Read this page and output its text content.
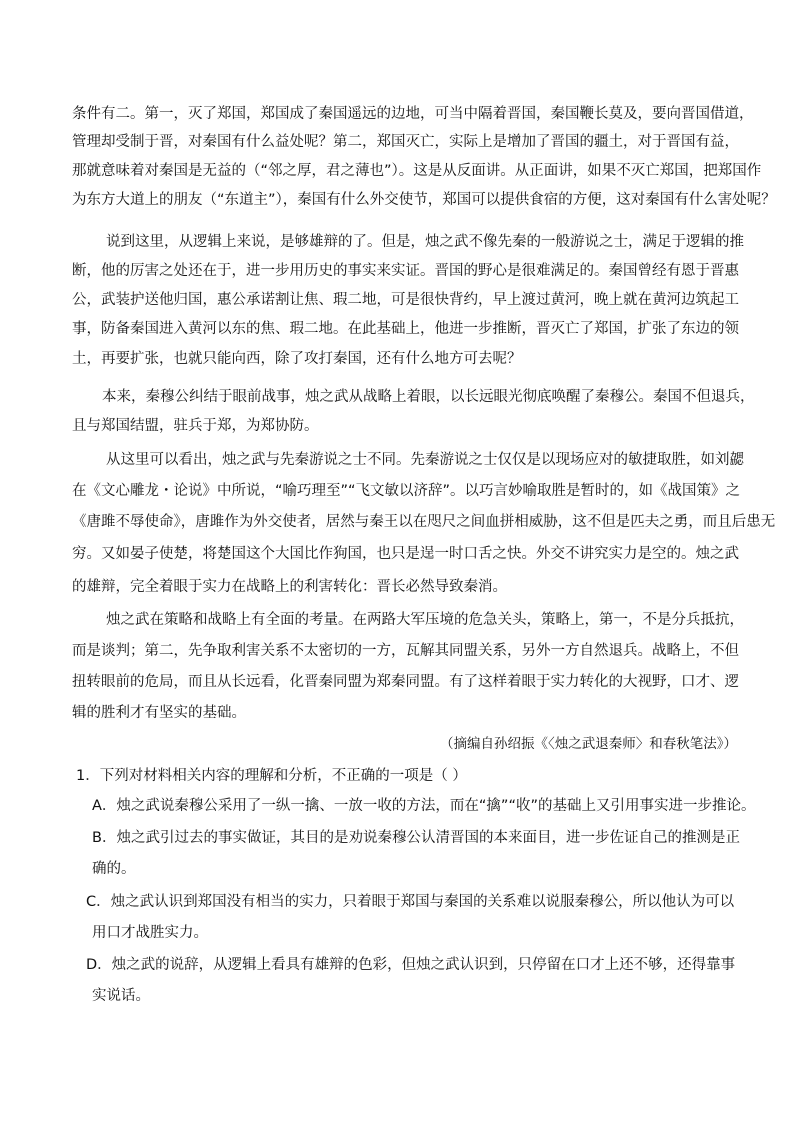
条件有二。第一，灭了郑国，郑国成了秦国遥远的边地，可当中隔着晋国，秦国鞭长莫及，要向晋国借道，
管理却受制于晋，对秦国有什么益处呢？第二，郑国灭亡，实际上是增加了晋国的疆土，对于晋国有益，
那就意味着对秦国是无益的（“邻之厚，君之薄也”）。这是从反面讲。从正面讲，如果不灭亡郑国，把郑国作
为东方大道上的朋友（“东道主”），秦国有什么外交使节，郑国可以提供食宿的方便，这对秦国有什么害处呢？
说到这里，从逻辑上来说，是够雄辩的了。但是，烛之武不像先秦的一般游说之士，满足于逻辑的推
断，他的厉害之处还在于，进一步用历史的事实来实证。晋国的野心是很难满足的。秦国曾经有恩于晋惠
公，武装护送他归国，惠公承诺割让焦、瑕二地，可是很快背约，早上渡过黄河，晚上就在黄河边筑起工
事，防备秦国进入黄河以东的焦、瑕二地。在此基础上，他进一步推断，晋灭亡了郑国，扩张了东边的领
土，再要扩张，也就只能向西，除了攻打秦国，还有什么地方可去呢？
本来，秦穆公纠结于眼前战事，烛之武从战略上着眼，以长远眼光彻底唤醒了秦穆公。秦国不但退兵，
且与郑国结盟，驻兵于郑，为郑协防。
从这里可以看出，烛之武与先秦游说之士不同。先秦游说之士仅仅是以现场应对的敏捷取胜，如刘勰
在《文心雕龙・论说》中所说，“喻巧理至”“飞文敏以济辞”。以巧言妙喻取胜是暂时的，如《战国策》之
《唐雎不辱使命》，唐雎作为外交使者，居然与秦王以在咫尺之间血拼相威胁，这不但是匹夫之勇，而且后患无
穷。又如晏子使楚，将楚国这个大国比作狗国，也只是逞一时口舌之快。外交不讲究实力是空的。烛之武
的雄辩，完全着眼于实力在战略上的利害转化：晋长必然导致秦消。
烛之武在策略和战略上有全面的考量。在两路大军压境的危急关头，策略上，第一，不是分兵抵抗，
而是谈判；第二，先争取利害关系不太密切的一方，瓦解其同盟关系，另外一方自然退兵。战略上，不但
扭转眼前的危局，而且从长远看，化晋秦同盟为郑秦同盟。有了这样着眼于实力转化的大视野，口才、逻
辑的胜利才有坚实的基础。
（摘编自孙绍振《〈烛之武退秦师〉和春秋笔法》）
1．下列对材料相关内容的理解和分析，不正确的一项是（ ）
A．烛之武说秦穆公采用了一纵一擒、一放一收的方法，而在“擒”“收”的基础上又引用事实进一步推论。
B．烛之武引过去的事实做证，其目的是劝说秦穆公认清晋国的本来面目，进一步佐证自己的推测是正
确的。
C．烛之武认识到郑国没有相当的实力，只着眼于郑国与秦国的关系难以说服秦穆公，所以他认为可以
用口才战胜实力。
D．烛之武的说辞，从逻辑上看具有雄辩的色彩，但烛之武认识到，只停留在口才上还不够，还得靠事
实说话。
